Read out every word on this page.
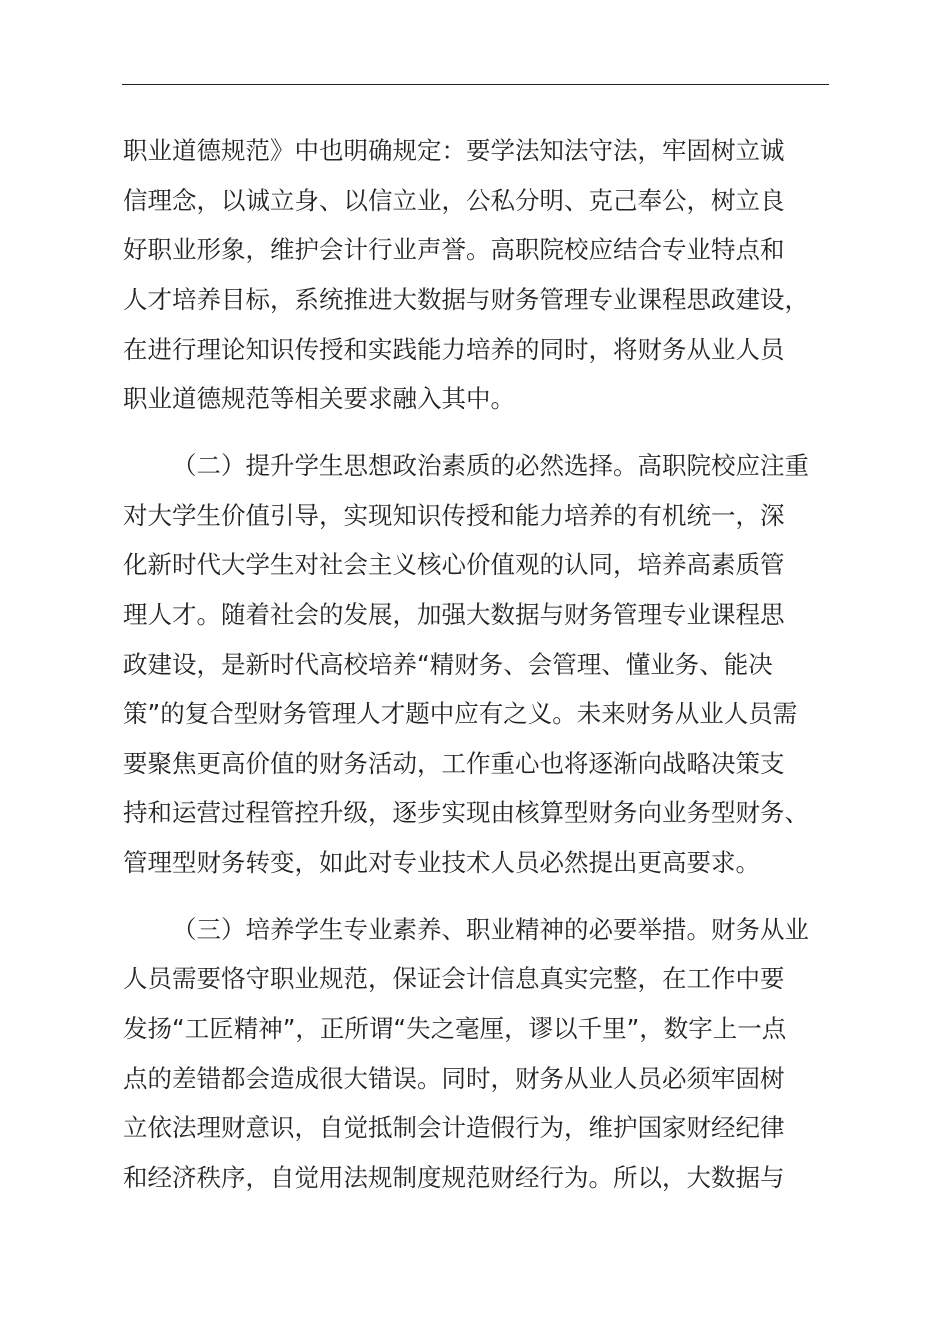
职业道德规范》中也明确规定：要学法知法守法，牢固树立诚
信理念，以诚立身、以信立业，公私分明、克己奉公，树立良
好职业形象，维护会计行业声誉。高职院校应结合专业特点和
人才培养目标，系统推进大数据与财务管理专业课程思政建设，
在进行理论知识传授和实践能力培养的同时，将财务从业人员
职业道德规范等相关要求融入其中。
（二）提升学生思想政治素质的必然选择。高职院校应注重
对大学生价值引导，实现知识传授和能力培养的有机统一，深
化新时代大学生对社会主义核心价值观的认同，培养高素质管
理人才。随着社会的发展，加强大数据与财务管理专业课程思
政建设，是新时代高校培养“精财务、会管理、懂业务、能决
策”的复合型财务管理人才题中应有之义。未来财务从业人员需
要聚焦更高价值的财务活动，工作重心也将逐渐向战略决策支
持和运营过程管控升级，逐步实现由核算型财务向业务型财务、
管理型财务转变，如此对专业技术人员必然提出更高要求。
（三）培养学生专业素养、职业精神的必要举措。财务从业
人员需要恪守职业规范，保证会计信息真实完整，在工作中要
发扬“工匠精神”，正所谓“失之毫厘，谬以千里”，数字上一点
点的差错都会造成很大错误。同时，财务从业人员必须牢固树
立依法理财意识，自觉抵制会计造假行为，维护国家财经纪律
和经济秩序，自觉用法规制度规范财经行为。所以，大数据与
